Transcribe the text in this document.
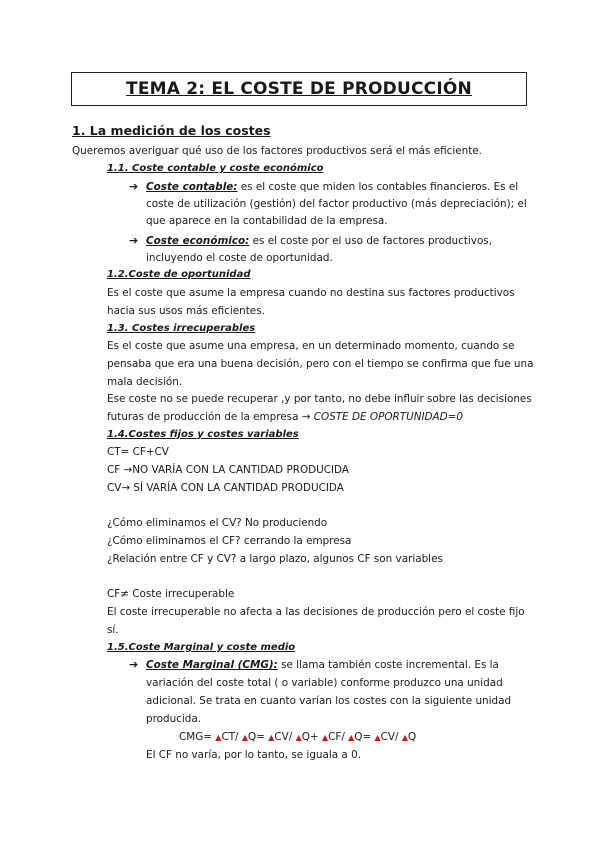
TEMA 2: EL COSTE DE PRODUCCIÓN
1. La medición de los costes
Queremos averiguar qué uso de los factores productivos será el más eficiente.
1.1. Coste contable y coste económico
➔ Coste contable: es el coste que miden los contables financieros. Es el
coste de utilización (gestión) del factor productivo (más depreciación); el
que aparece en la contabilidad de la empresa.
➔ Coste económico: es el coste por el uso de factores productivos,
incluyendo el coste de oportunidad.
1.2.Coste de oportunidad
Es el coste que asume la empresa cuando no destina sus factores productivos
hacia sus usos más eficientes.
1.3. Costes irrecuperables
Es el coste que asume una empresa, en un determinado momento, cuando se
pensaba que era una buena decisión, pero con el tiempo se confirma que fue una
mala decisión.
Ese coste no se puede recuperar ,y por tanto, no debe influir sobre las decisiones
futuras de producción de la empresa → COSTE DE OPORTUNIDAD=0
1.4.Costes fijos y costes variables
CT= CF+CV
CF →NO VARÍA CON LA CANTIDAD PRODUCIDA
CV→ SÍ VARÍA CON LA CANTIDAD PRODUCIDA
¿Cómo eliminamos el CV? No produciendo
¿Cómo eliminamos el CF? cerrando la empresa
¿Relación entre CF y CV? a largo plazo, algunos CF son variables
CF≠ Coste irrecuperable
El coste irrecuperable no afecta a las decisiones de producción pero el coste fijo
sí.
1.5.Coste Marginal y coste medio
➔ Coste Marginal (CMG): se llama también coste incremental. Es la
variación del coste total ( o variable) conforme produzco una unidad
adicional. Se trata en cuanto varían los costes con la siguiente unidad
producida.
CMG= ▲CT/ ▲Q= ▲CV/ ▲Q+ ▲CF/ ▲Q= ▲CV/ ▲Q
El CF no varía, por lo tanto, se iguala a 0.
